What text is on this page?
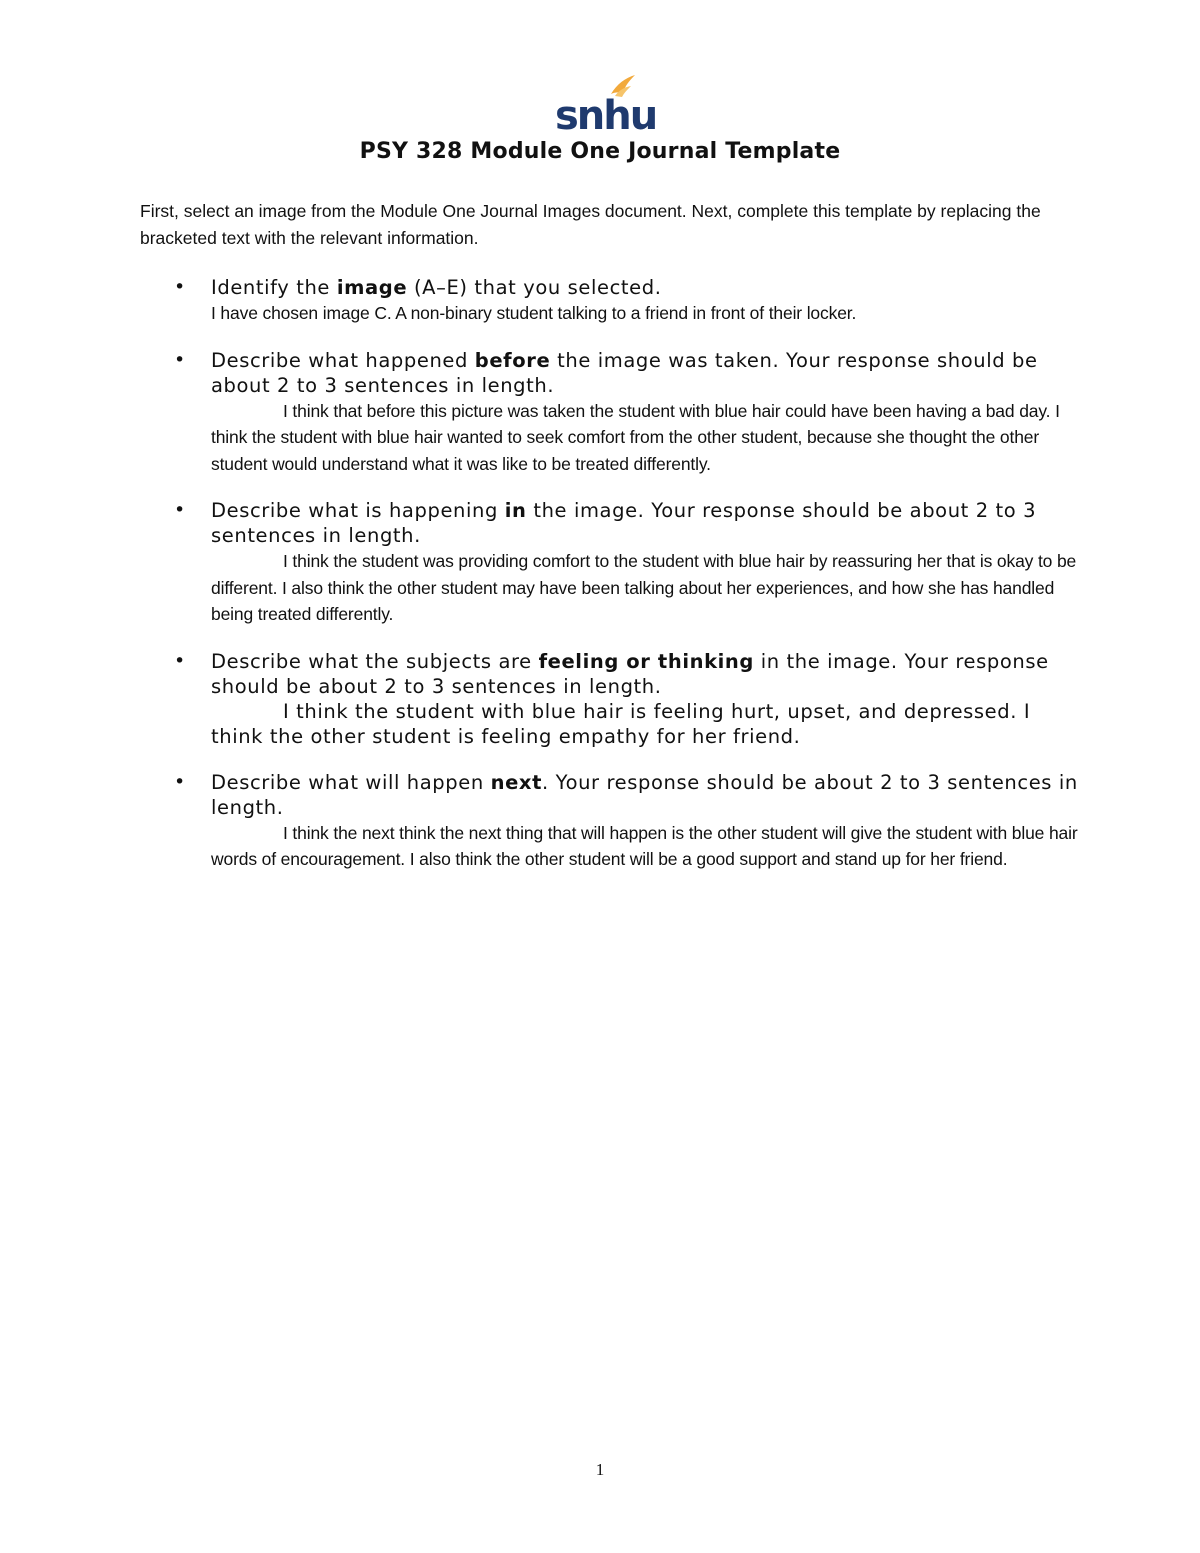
snhu
PSY 328 Module One Journal Template
First, select an image from the Module One Journal Images document. Next, complete this template by replacing the bracketed text with the relevant information.
• Identify the image (A–E) that you selected.
I have chosen image C. A non-binary student talking to a friend in front of their locker.
• Describe what happened before the image was taken. Your response should be about 2 to 3 sentences in length.
I think that before this picture was taken the student with blue hair could have been having a bad day. I think the student with blue hair wanted to seek comfort from the other student, because she thought the other student would understand what it was like to be treated differently.
• Describe what is happening in the image. Your response should be about 2 to 3 sentences in length.
I think the student was providing comfort to the student with blue hair by reassuring her that is okay to be different. I also think the other student may have been talking about her experiences, and how she has handled being treated differently.
• Describe what the subjects are feeling or thinking in the image. Your response should be about 2 to 3 sentences in length.
I think the student with blue hair is feeling hurt, upset, and depressed. I think the other student is feeling empathy for her friend.
• Describe what will happen next. Your response should be about 2 to 3 sentences in length.
I think the next think the next thing that will happen is the other student will give the student with blue hair words of encouragement. I also think the other student will be a good support and stand up for her friend.
1
